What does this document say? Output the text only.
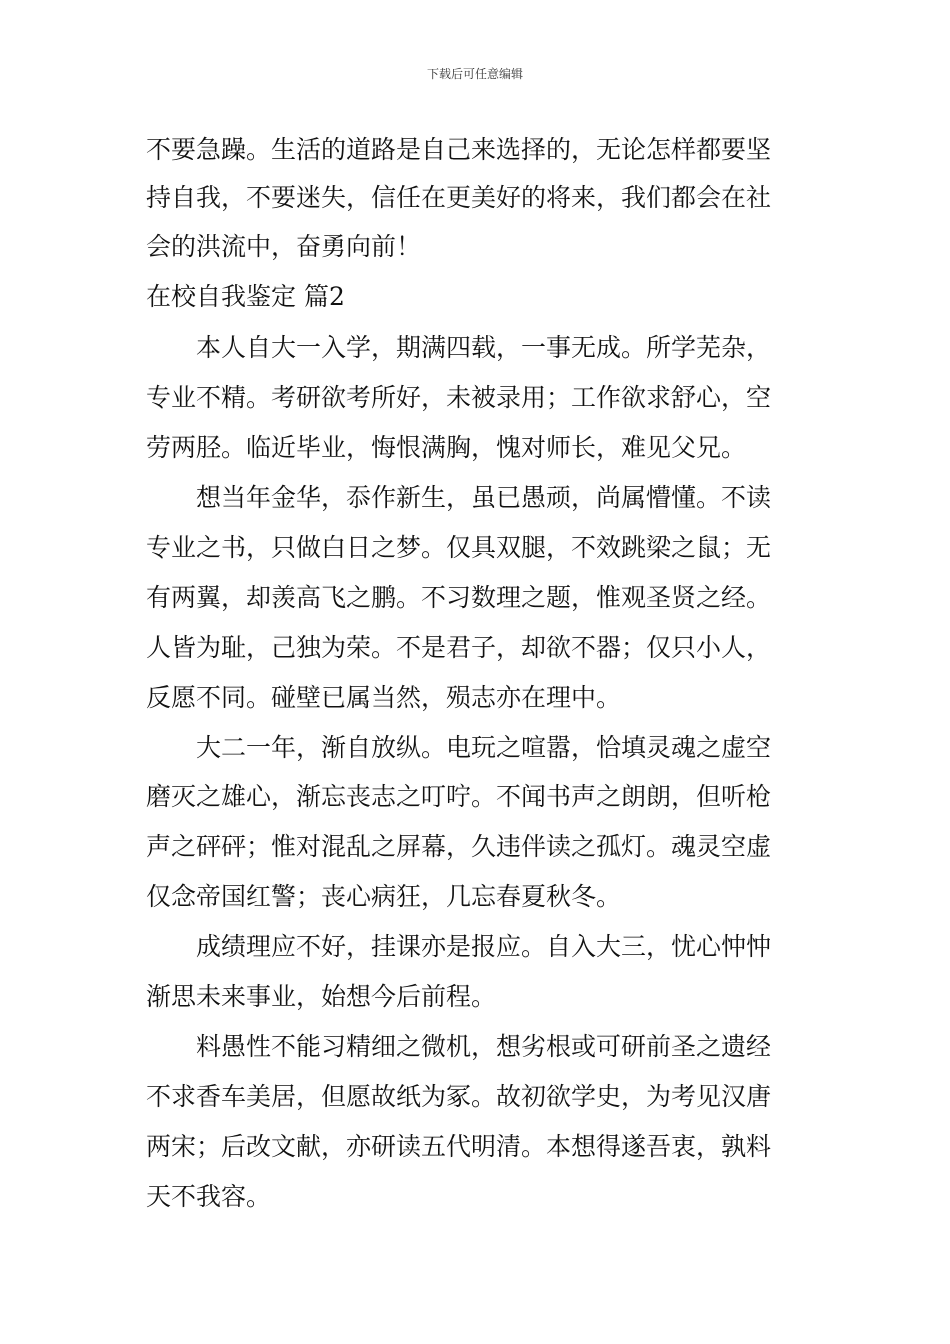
下载后可任意编辑
不要急躁。生活的道路是自己来选择的，无论怎样都要坚
持自我，不要迷失，信任在更美好的将来，我们都会在社
会的洪流中，奋勇向前！
在校自我鉴定 篇2
本人自大一入学，期满四载，一事无成。所学芜杂，
专业不精。考研欲考所好，未被录用；工作欲求舒心，空
劳两胫。临近毕业，悔恨满胸，愧对师长，难见父兄。
想当年金华，忝作新生，虽已愚顽，尚属懵懂。不读
专业之书，只做白日之梦。仅具双腿，不效跳梁之鼠；无
有两翼，却羡高飞之鹏。不习数理之题，惟观圣贤之经。
人皆为耻，己独为荣。不是君子，却欲不器；仅只小人，
反愿不同。碰壁已属当然，殒志亦在理中。
大二一年，渐自放纵。电玩之喧嚣，恰填灵魂之虚空
磨灭之雄心，渐忘丧志之叮咛。不闻书声之朗朗，但听枪
声之砰砰；惟对混乱之屏幕，久违伴读之孤灯。魂灵空虚
仅念帝国红警；丧心病狂，几忘春夏秋冬。
成绩理应不好，挂课亦是报应。自入大三，忧心忡忡
渐思未来事业，始想今后前程。
料愚性不能习精细之微机，想劣根或可研前圣之遗经
不求香车美居，但愿故纸为冢。故初欲学史，为考见汉唐
两宋；后改文献，亦研读五代明清。本想得遂吾衷，孰料
天不我容。
